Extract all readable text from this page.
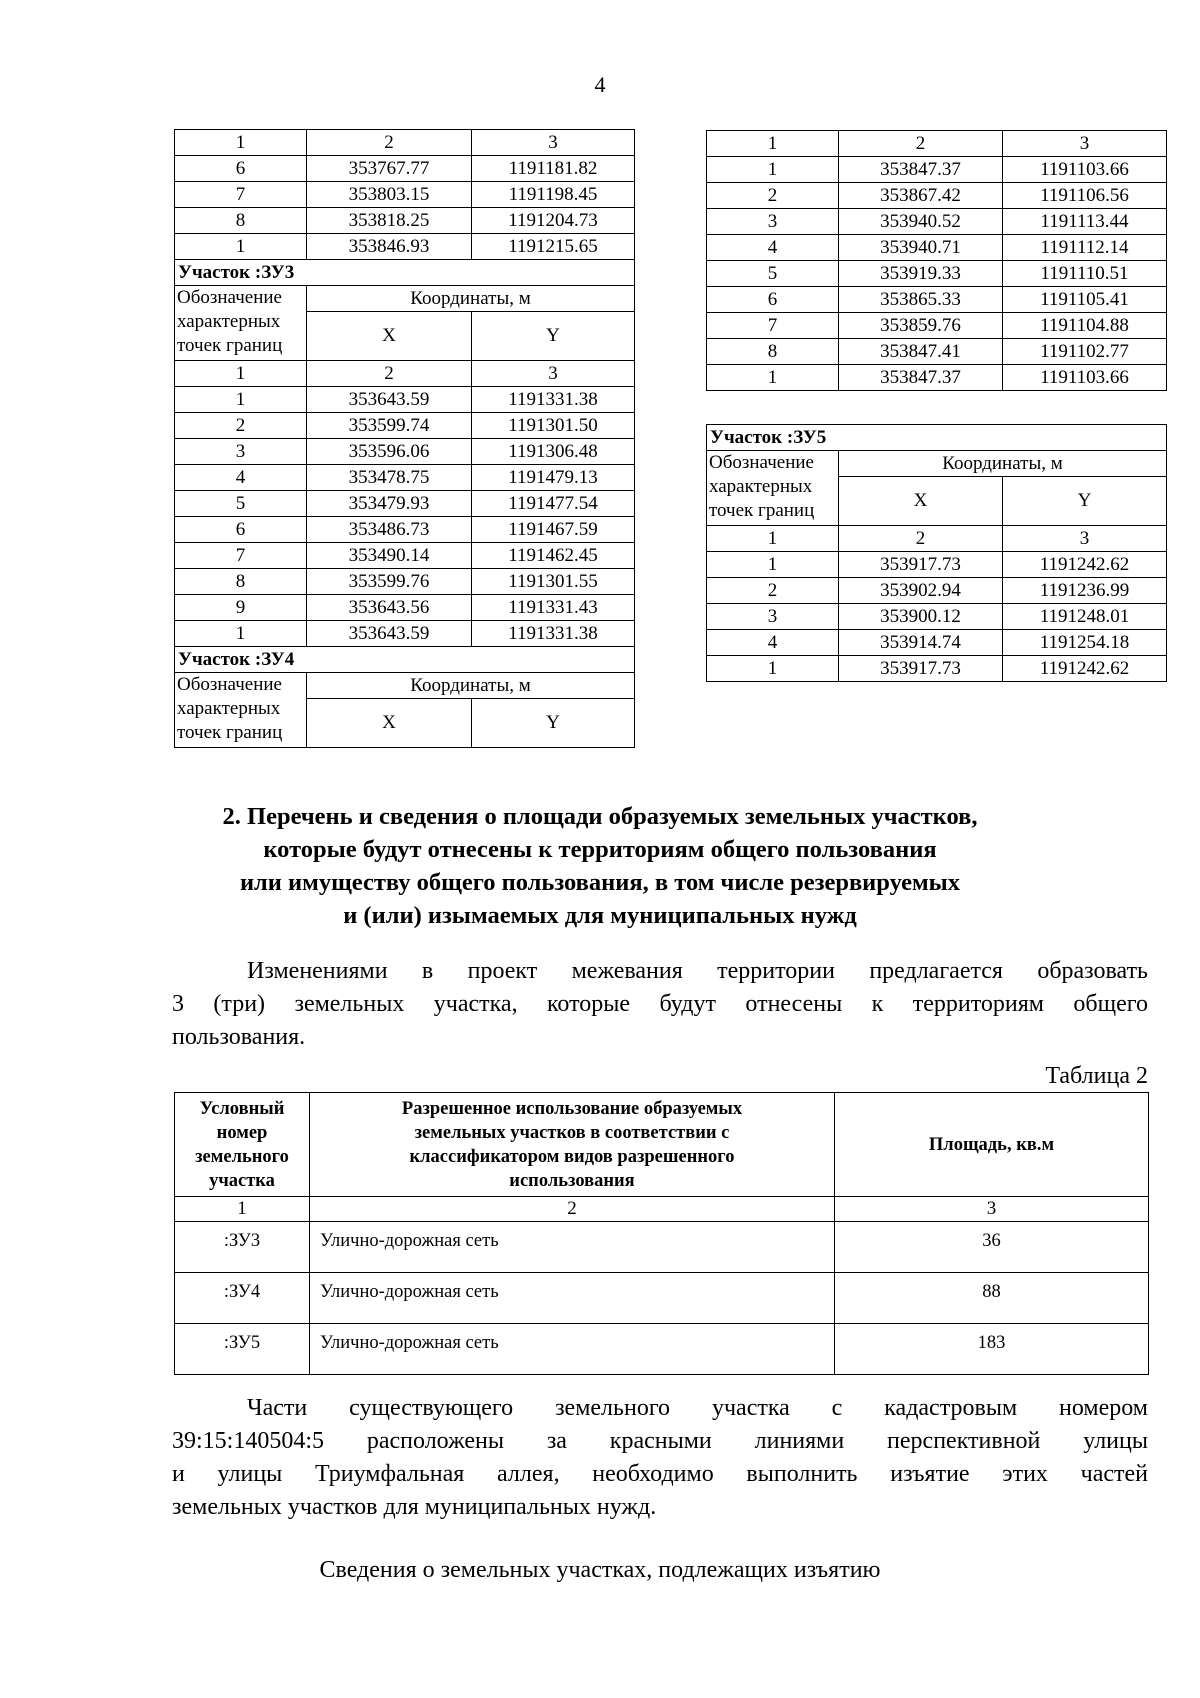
4
1	2	3
6	353767.77	1191181.82
7	353803.15	1191198.45
8	353818.25	1191204.73
1	353846.93	1191215.65
Участок :ЗУ3		
Обозначение характерных точек границ	Координаты, м	
	X	Y
1	2	3
1	353643.59	1191331.38
2	353599.74	1191301.50
3	353596.06	1191306.48
4	353478.75	1191479.13
5	353479.93	1191477.54
6	353486.73	1191467.59
7	353490.14	1191462.45
8	353599.76	1191301.55
9	353643.56	1191331.43
1	353643.59	1191331.38
Участок :ЗУ4		
Обозначение характерных точек границ	Координаты, м	
	X	Y
1	2	3
1	353847.37	1191103.66
2	353867.42	1191106.56
3	353940.52	1191113.44
4	353940.71	1191112.14
5	353919.33	1191110.51
6	353865.33	1191105.41
7	353859.76	1191104.88
8	353847.41	1191102.77
1	353847.37	1191103.66
Участок :ЗУ5		
Обозначение характерных точек границ	Координаты, м	
	X	Y
1	2	3
1	353917.73	1191242.62
2	353902.94	1191236.99
3	353900.12	1191248.01
4	353914.74	1191254.18
1	353917.73	1191242.62
2. Перечень и сведения о площади образуемых земельных участков,
которые будут отнесены к территориям общего пользования
или имуществу общего пользования, в том числе резервируемых
и (или) изымаемых для муниципальных нужд
Изменениями в проект межевания территории предлагается образовать
3 (три) земельных участка, которые будут отнесены к территориям общего
пользования.
Таблица 2
Условный номер земельного участка	Разрешенное использование образуемых земельных участков в соответствии с классификатором видов разрешенного использования	Площадь, кв.м
1	2	3
:ЗУ3	Улично-дорожная сеть	36
:ЗУ4	Улично-дорожная сеть	88
:ЗУ5	Улично-дорожная сеть	183
Части существующего земельного участка с кадастровым номером
39:15:140504:5 расположены за красными линиями перспективной улицы
и улицы Триумфальная аллея, необходимо выполнить изъятие этих частей
земельных участков для муниципальных нужд.
Сведения о земельных участках, подлежащих изъятию
